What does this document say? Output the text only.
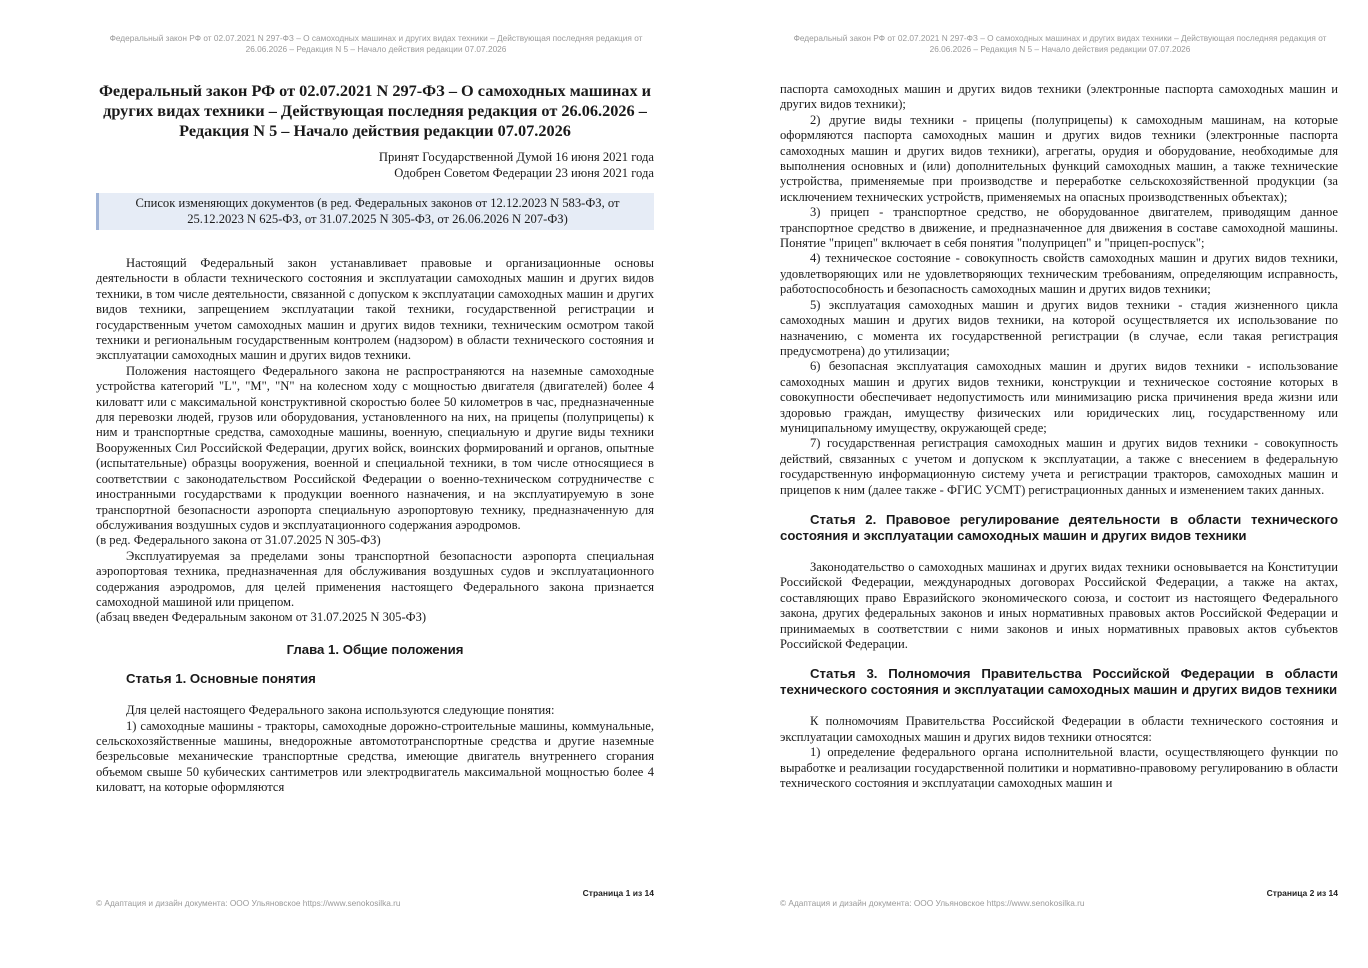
Федеральный закон РФ от 02.07.2021 N 297-ФЗ – О самоходных машинах и других видах техники – Действующая последняя редакция от 26.06.2026 – Редакция N 5 – Начало действия редакции 07.07.2026

Федеральный закон РФ от 02.07.2021 N 297-ФЗ – О самоходных машинах и других видах техники – Действующая последняя редакция от 26.06.2026 – Редакция N 5 – Начало действия редакции 07.07.2026

Принят Государственной Думой 16 июня 2021 года

Одобрен Советом Федерации 23 июня 2021 года

Список изменяющих документов (в ред. Федеральных законов от 12.12.2023 N 583-ФЗ, от 25.12.2023 N 625-ФЗ, от 31.07.2025 N 305-ФЗ, от 26.06.2026 N 207-ФЗ)

Настоящий Федеральный закон устанавливает правовые и организационные основы деятельности в области технического состояния и эксплуатации самоходных машин и других видов техники, в том числе деятельности, связанной с допуском к эксплуатации самоходных машин и других видов техники, запрещением эксплуатации такой техники, государственной регистрации и государственным учетом самоходных машин и других видов техники, техническим осмотром такой техники и региональным государственным контролем (надзором) в области технического состояния и эксплуатации самоходных машин и других видов техники.

Положения настоящего Федерального закона не распространяются на наземные самоходные устройства категорий "L", "M", "N" на колесном ходу с мощностью двигателя (двигателей) более 4 киловатт или с максимальной конструктивной скоростью более 50 километров в час, предназначенные для перевозки людей, грузов или оборудования, установленного на них, на прицепы (полуприцепы) к ним и транспортные средства, самоходные машины, военную, специальную и другие виды техники Вооруженных Сил Российской Федерации, других войск, воинских формирований и органов, опытные (испытательные) образцы вооружения, военной и специальной техники, в том числе относящиеся в соответствии с законодательством Российской Федерации о военно-техническом сотрудничестве с иностранными государствами к продукции военного назначения, и на эксплуатируемую в зоне транспортной безопасности аэропорта специальную аэропортовую технику, предназначенную для обслуживания воздушных судов и эксплуатационного содержания аэродромов.

(в ред. Федерального закона от 31.07.2025 N 305-ФЗ)

Эксплуатируемая за пределами зоны транспортной безопасности аэропорта специальная аэропортовая техника, предназначенная для обслуживания воздушных судов и эксплуатационного содержания аэродромов, для целей применения настоящего Федерального закона признается самоходной машиной или прицепом.

(абзац введен Федеральным законом от 31.07.2025 N 305-ФЗ)

Глава 1. Общие положения
Статья 1. Основные понятия

Для целей настоящего Федерального закона используются следующие понятия:

1) самоходные машины - тракторы, самоходные дорожно-строительные машины, коммунальные, сельскохозяйственные машины, внедорожные автомототранспортные средства и другие наземные безрельсовые механические транспортные средства, имеющие двигатель внутреннего сгорания объемом свыше 50 кубических сантиметров или электродвигатель максимальной мощностью более 4 киловатт, на которые оформляются

Страница 1 из 14
© Адаптация и дизайн документа: ООО Ульяновское https://www.senokosilka.ru
Федеральный закон РФ от 02.07.2021 N 297-ФЗ – О самоходных машинах и других видах техники – Действующая последняя редакция от 26.06.2026 – Редакция N 5 – Начало действия редакции 07.07.2026

паспорта самоходных машин и других видов техники (электронные паспорта самоходных машин и других видов техники);

2) другие виды техники - прицепы (полуприцепы) к самоходным машинам, на которые оформляются паспорта самоходных машин и других видов техники (электронные паспорта самоходных машин и других видов техники), агрегаты, орудия и оборудование, необходимые для выполнения основных и (или) дополнительных функций самоходных машин, а также технические устройства, применяемые при производстве и переработке сельскохозяйственной продукции (за исключением технических устройств, применяемых на опасных производственных объектах);

3) прицеп - транспортное средство, не оборудованное двигателем, приводящим данное транспортное средство в движение, и предназначенное для движения в составе самоходной машины. Понятие "прицеп" включает в себя понятия "полуприцеп" и "прицеп-роспуск";

4) техническое состояние - совокупность свойств самоходных машин и других видов техники, удовлетворяющих или не удовлетворяющих техническим требованиям, определяющим исправность, работоспособность и безопасность самоходных машин и других видов техники;

5) эксплуатация самоходных машин и других видов техники - стадия жизненного цикла самоходных машин и других видов техники, на которой осуществляется их использование по назначению, с момента их государственной регистрации (в случае, если такая регистрация предусмотрена) до утилизации;

6) безопасная эксплуатация самоходных машин и других видов техники - использование самоходных машин и других видов техники, конструкции и техническое состояние которых в совокупности обеспечивает недопустимость или минимизацию риска причинения вреда жизни или здоровью граждан, имуществу физических или юридических лиц, государственному или муниципальному имуществу, окружающей среде;

7) государственная регистрация самоходных машин и других видов техники - совокупность действий, связанных с учетом и допуском к эксплуатации, а также с внесением в федеральную государственную информационную систему учета и регистрации тракторов, самоходных машин и прицепов к ним (далее также - ФГИС УСМТ) регистрационных данных и изменением таких данных.

Статья 2. Правовое регулирование деятельности в области технического состояния и эксплуатации самоходных машин и других видов техники

Законодательство о самоходных машинах и других видах техники основывается на Конституции Российской Федерации, международных договорах Российской Федерации, а также на актах, составляющих право Евразийского экономического союза, и состоит из настоящего Федерального закона, других федеральных законов и иных нормативных правовых актов Российской Федерации и принимаемых в соответствии с ними законов и иных нормативных правовых актов субъектов Российской Федерации.

Статья 3. Полномочия Правительства Российской Федерации в области технического состояния и эксплуатации самоходных машин и других видов техники

К полномочиям Правительства Российской Федерации в области технического состояния и эксплуатации самоходных машин и других видов техники относятся:

1) определение федерального органа исполнительной власти, осуществляющего функции по выработке и реализации государственной политики и нормативно-правовому регулированию в области технического состояния и эксплуатации самоходных машин и

Страница 2 из 14
© Адаптация и дизайн документа: ООО Ульяновское https://www.senokosilka.ru
